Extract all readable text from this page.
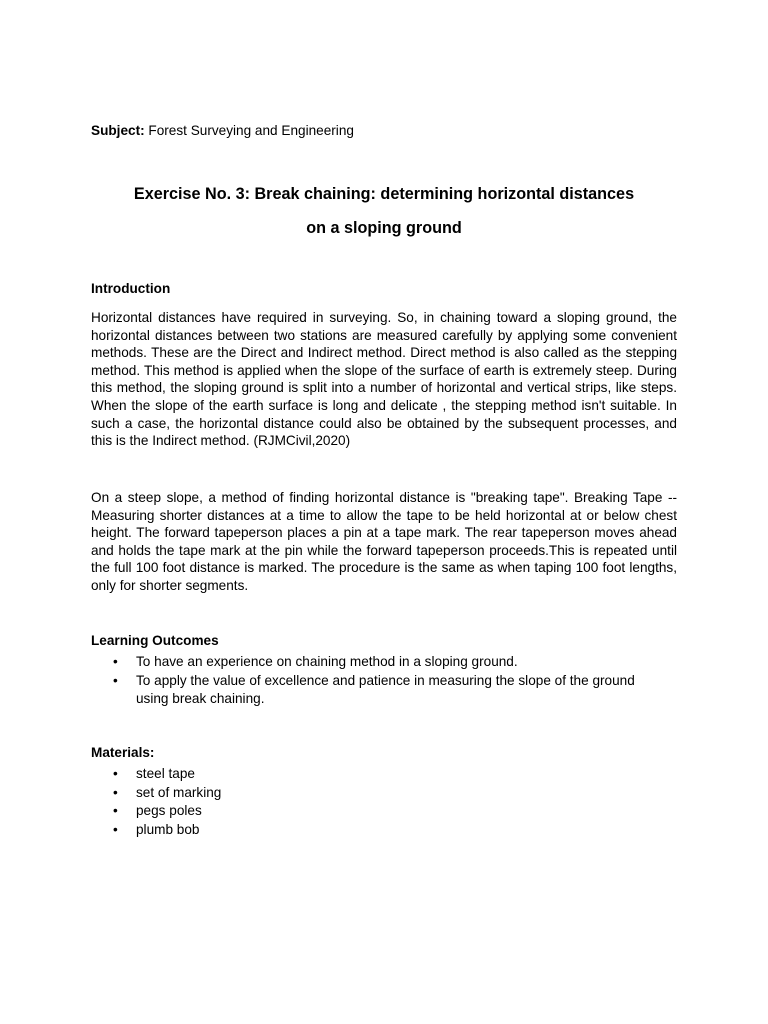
Subject: Forest Surveying and Engineering
Exercise No. 3: Break chaining: determining horizontal distances
on a sloping ground
Introduction

Horizontal distances have required in surveying. So, in chaining toward a sloping ground, the horizontal distances between two stations are measured carefully by applying some convenient methods. These are the Direct and Indirect method. Direct method is also called as the stepping method. This method is applied when the slope of the surface of earth is extremely steep. During this method, the sloping ground is split into a number of horizontal and vertical strips, like steps. When the slope of the earth surface is long and delicate , the stepping method isn't suitable. In such a case, the horizontal distance could also be obtained by the subsequent processes, and this is the Indirect method. (RJMCivil,2020)

On a steep slope, a method of finding horizontal distance is "breaking tape". Breaking Tape -- Measuring shorter distances at a time to allow the tape to be held horizontal at or below chest height. The forward tapeperson places a pin at a tape mark. The rear tapeperson moves ahead and holds the tape mark at the pin while the forward tapeperson proceeds.This is repeated until the full 100 foot distance is marked. The procedure is the same as when taping 100 foot lengths, only for shorter segments.

Learning Outcomes
• To have an experience on chaining method in a sloping ground.
• To apply the value of excellence and patience in measuring the slope of the ground using break chaining.
Materials:
• steel tape
• set of marking
• pegs poles
• plumb bob
